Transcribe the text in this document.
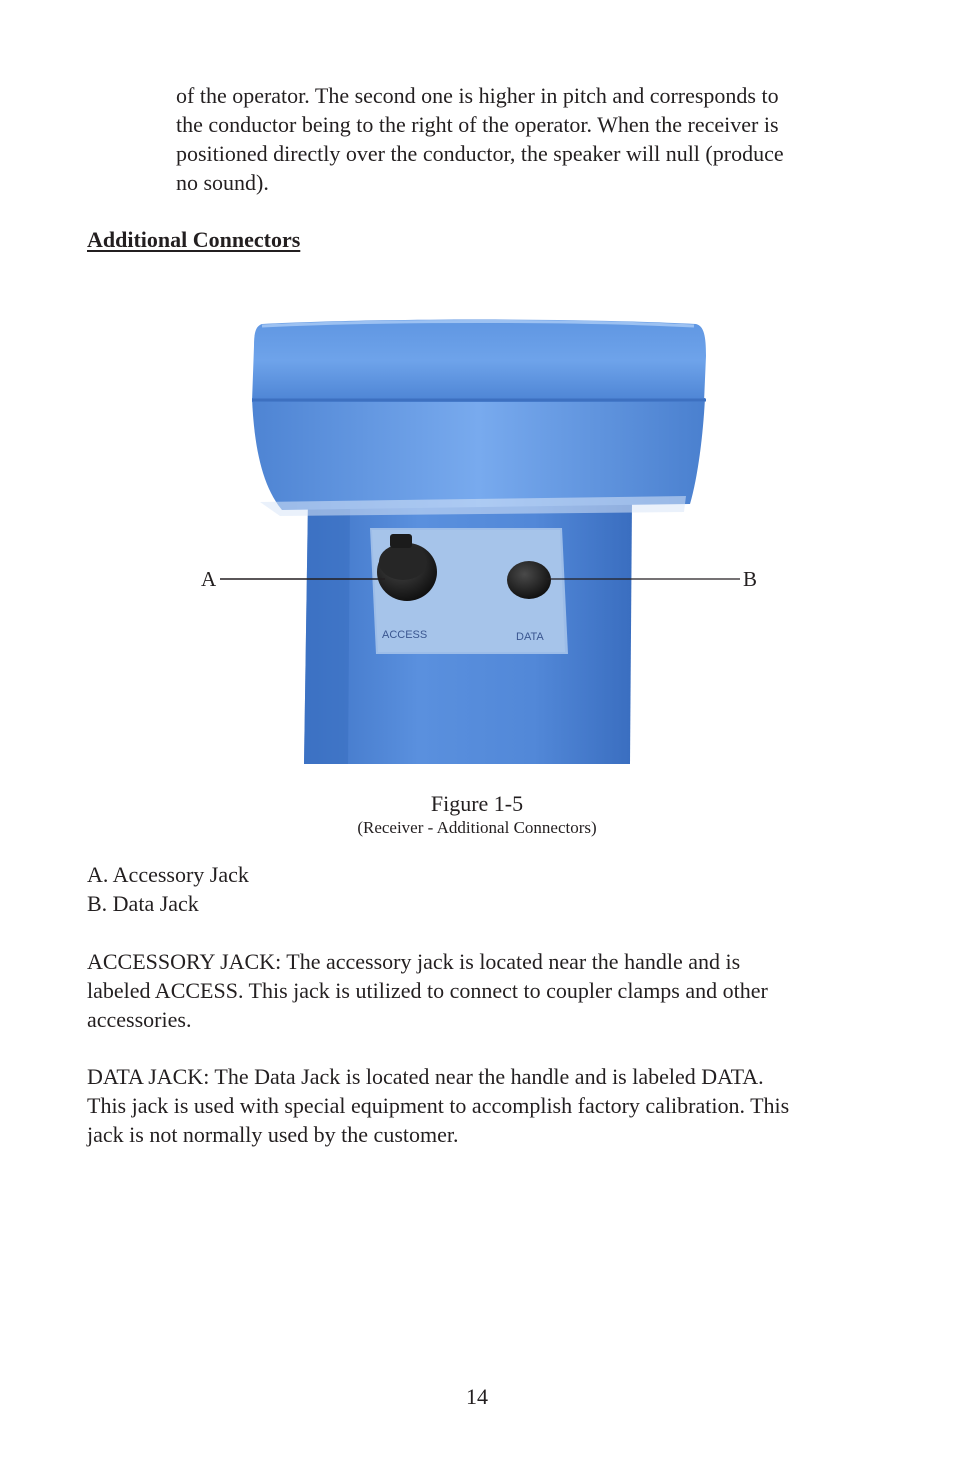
of the operator. The second one is higher in pitch and corresponds to
the conductor being to the right of the operator. When the receiver is
positioned directly over the conductor, the speaker will null (produce
no sound).
Additional Connectors
ACCESS	DATA
A	B
Figure 1-5
(Receiver - Additional Connectors)
A. Accessory Jack
B. Data Jack
ACCESSORY JACK: The accessory jack is located near the handle and is
labeled ACCESS. This jack is utilized to connect to coupler clamps and other
accessories.
DATA JACK: The Data Jack is located near the handle and is labeled DATA.
This jack is used with special equipment to accomplish factory calibration. This
jack is not normally used by the customer.
14
